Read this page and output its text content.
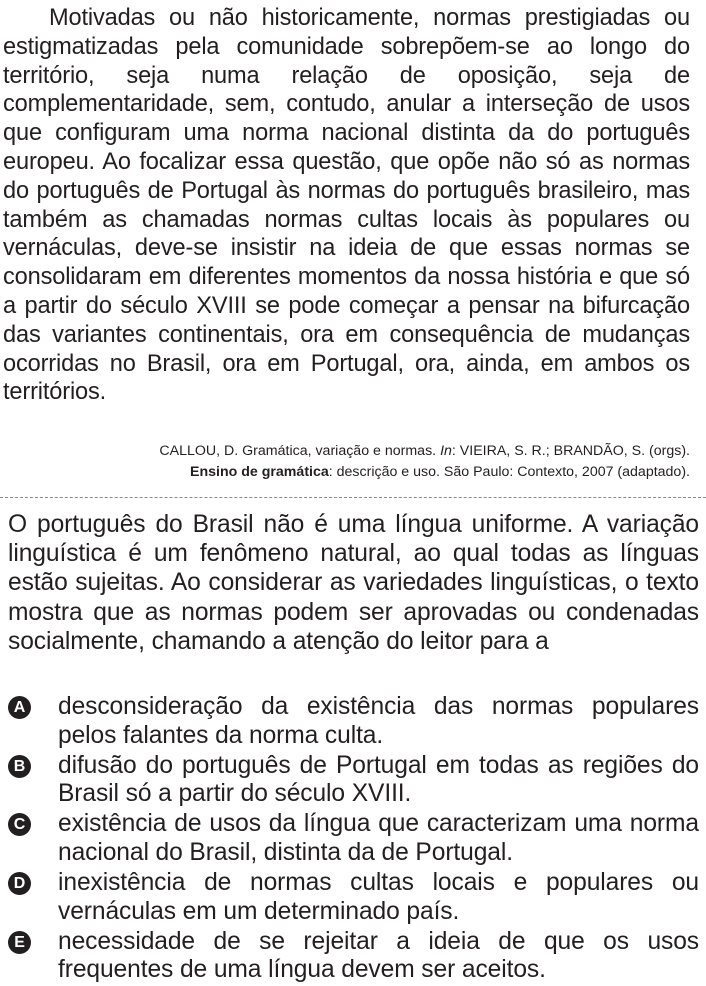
Motivadas ou não historicamente, normas prestigiadas ou estigmatizadas pela comunidade sobrepõem-se ao longo do território, seja numa relação de oposição, seja de complementaridade, sem, contudo, anular a interseção de usos que configuram uma norma nacional distinta da do português europeu. Ao focalizar essa questão, que opõe não só as normas do português de Portugal às normas do português brasileiro, mas também as chamadas normas cultas locais às populares ou vernáculas, deve-se insistir na ideia de que essas normas se consolidaram em diferentes momentos da nossa história e que só a partir do século XVIII se pode começar a pensar na bifurcação das variantes continentais, ora em consequência de mudanças ocorridas no Brasil, ora em Portugal, ora, ainda, em ambos os territórios.

CALLOU, D. Gramática, variação e normas. In: VIEIRA, S. R.; BRANDÃO, S. (orgs).
Ensino de gramática: descrição e uso. São Paulo: Contexto, 2007 (adaptado).

O português do Brasil não é uma língua uniforme. A variação linguística é um fenômeno natural, ao qual todas as línguas estão sujeitas. Ao considerar as variedades linguísticas, o texto mostra que as normas podem ser aprovadas ou condenadas socialmente, chamando a atenção do leitor para a

A desconsideração da existência das normas populares pelos falantes da norma culta.
B difusão do português de Portugal em todas as regiões do Brasil só a partir do século XVIII.
C existência de usos da língua que caracterizam uma norma nacional do Brasil, distinta da de Portugal.
D inexistência de normas cultas locais e populares ou vernáculas em um determinado país.
E necessidade de se rejeitar a ideia de que os usos frequentes de uma língua devem ser aceitos.
